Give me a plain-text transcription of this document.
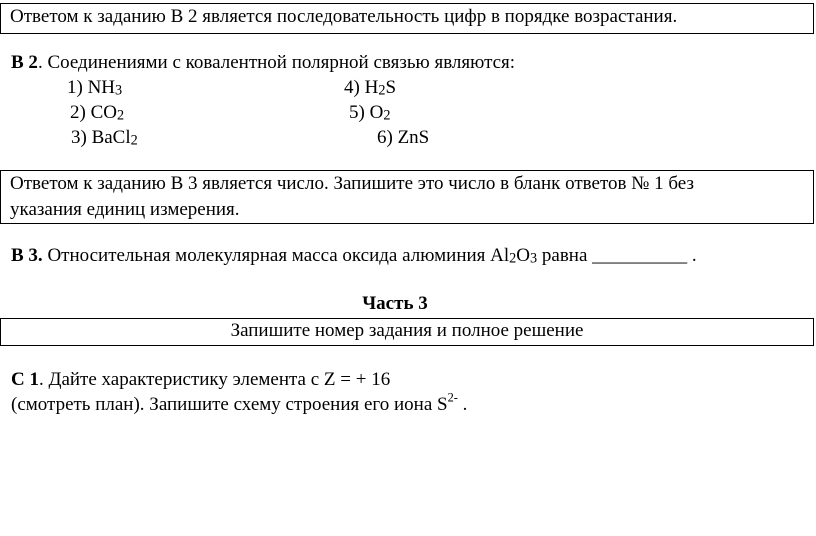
Ответом к заданию В 2 является последовательность цифр в порядке возрастания.
В 2. Соединениями с ковалентной полярной связью являются:
1) $NH_3$	4) $H_2S$
2) $CO_2$	5) $O_2$
3) BaCl$_2$	6) ZnS
Ответом к заданию В 3 является число. Запишите это число в бланк ответов № 1 без
указания единиц измерения.
В 3. Относительная молекулярная масса оксида алюминия $Al_2O_3$ равна __________ .
Часть 3
Запишите номер задания и полное решение
С 1. Дайте характеристику элемента с Z = + 16
(смотреть план). Запишите схему строения его иона $S^{2-}$ .
